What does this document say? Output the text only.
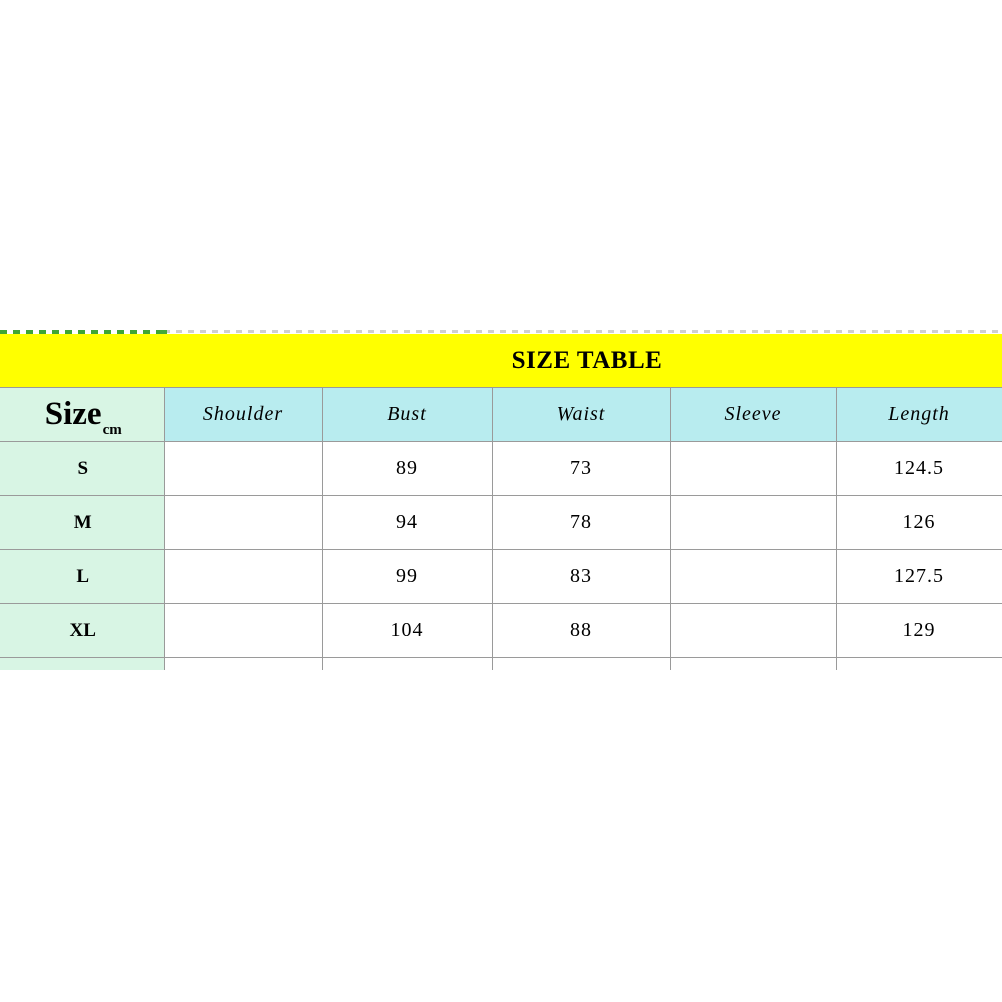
	SIZE TABLE				
Sizecm	Shoulder	Bust	Waist	Sleeve	Length
S		89	73		124.5
M		94	78		126
L		99	83		127.5
XL		104	88		129
